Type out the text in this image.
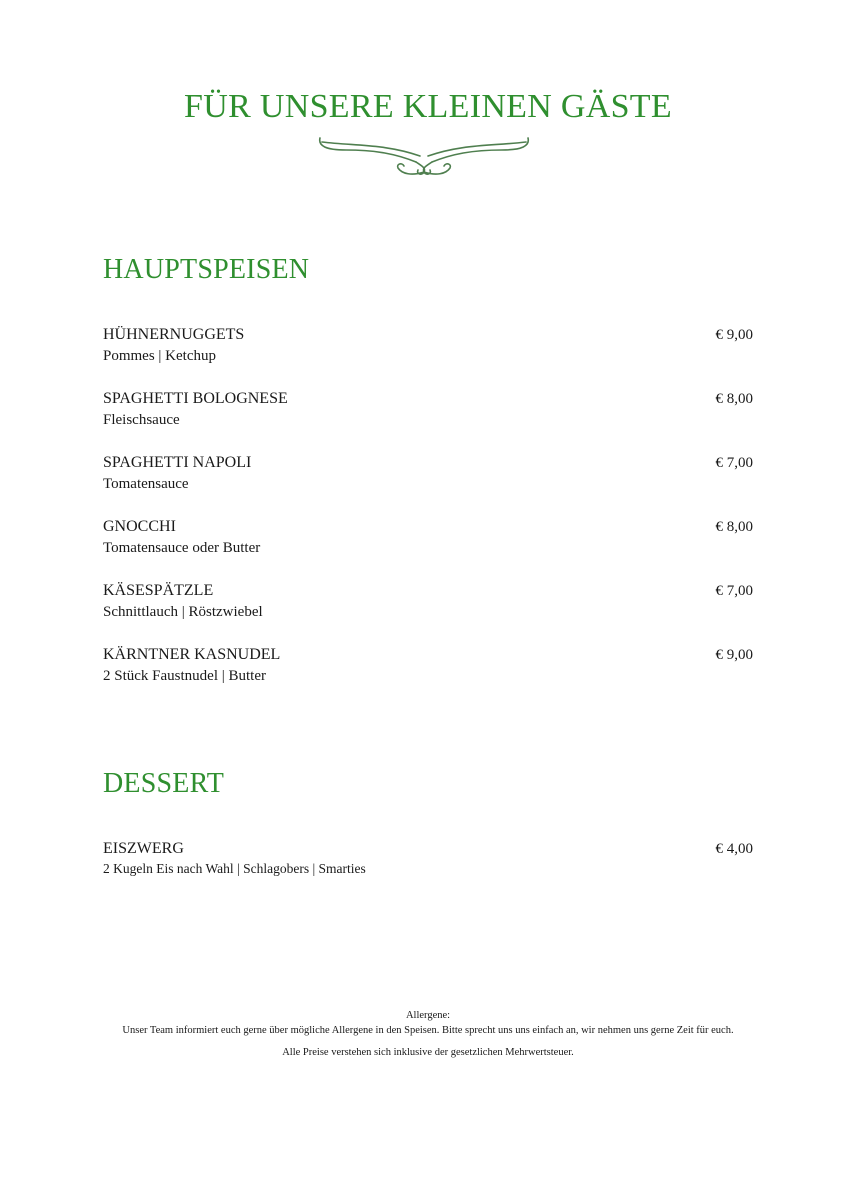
FÜR UNSERE KLEINEN GÄSTE
HAUPTSPEISEN
HÜHNERNUGGETS
Pommes | Ketchup
€ 9,00
SPAGHETTI BOLOGNESE
Fleischsauce
€ 8,00
SPAGHETTI NAPOLI
Tomatensauce
€ 7,00
GNOCCHI
Tomatensauce oder Butter
€ 8,00
KÄSESPÄTZLE
Schnittlauch | Röstzwiebel
€ 7,00
KÄRNTNER KASNUDEL
2 Stück Faustnudel | Butter
€ 9,00
DESSERT
EISZWERG
2 Kugeln Eis nach Wahl | Schlagobers | Smarties
€ 4,00
Allergene:
Unser Team informiert euch gerne über mögliche Allergene in den Speisen. Bitte sprecht uns uns einfach an, wir nehmen uns gerne Zeit für euch.
Alle Preise verstehen sich inklusive der gesetzlichen Mehrwertsteuer.
